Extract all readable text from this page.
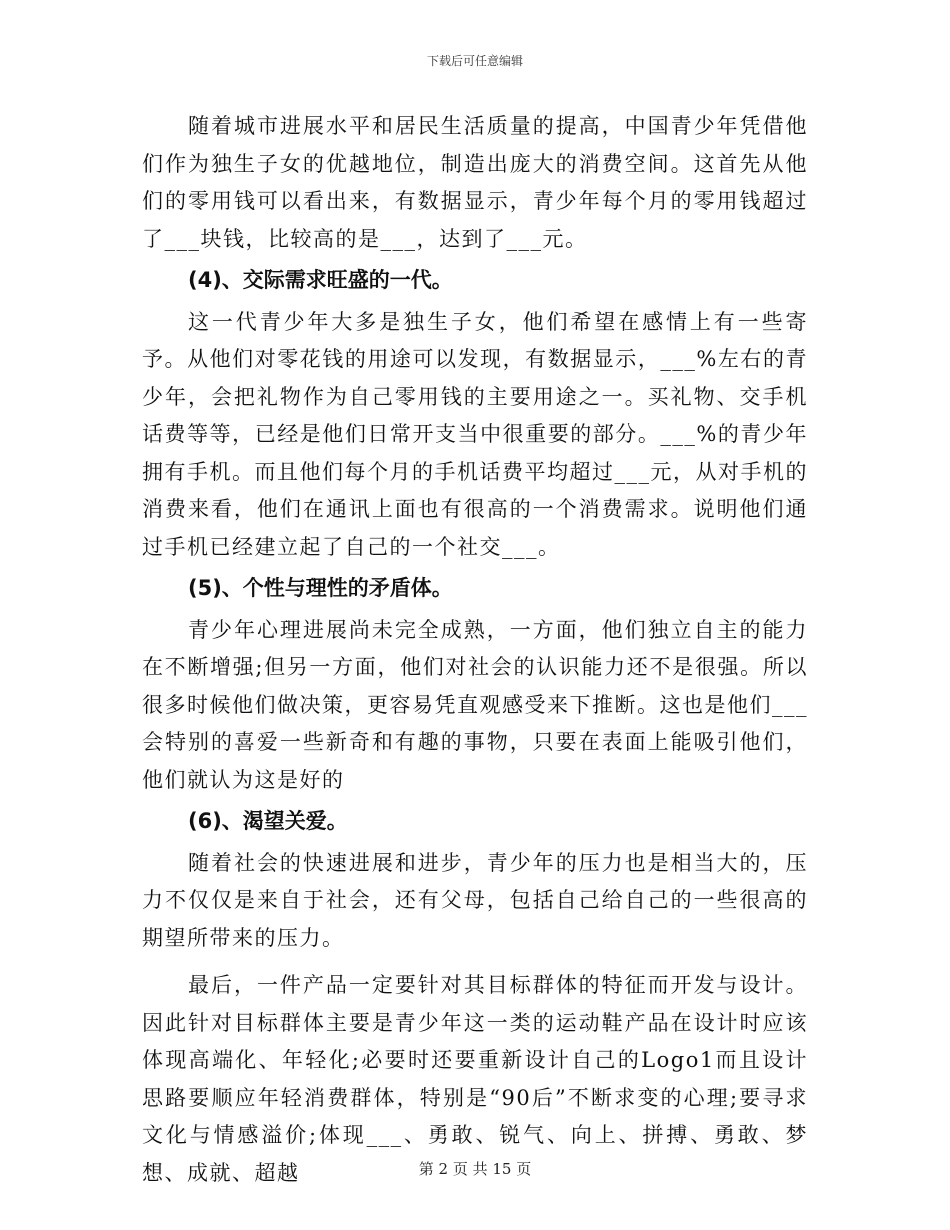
下载后可任意编辑

随着城市进展水平和居民生活质量的提高，中国青少年凭借他们作为独生子女的优越地位，制造出庞大的消费空间。这首先从他们的零用钱可以看出来，有数据显示，青少年每个月的零用钱超过了___块钱，比较高的是___，达到了___元。

(4)、交际需求旺盛的一代。

这一代青少年大多是独生子女，他们希望在感情上有一些寄予。从他们对零花钱的用途可以发现，有数据显示，___%左右的青少年，会把礼物作为自己零用钱的主要用途之一。买礼物、交手机话费等等，已经是他们日常开支当中很重要的部分。___%的青少年拥有手机。而且他们每个月的手机话费平均超过___元，从对手机的消费来看，他们在通讯上面也有很高的一个消费需求。说明他们通过手机已经建立起了自己的一个社交___。

(5)、个性与理性的矛盾体。

青少年心理进展尚未完全成熟，一方面，他们独立自主的能力在不断增强;但另一方面，他们对社会的认识能力还不是很强。所以很多时候他们做决策，更容易凭直观感受来下推断。这也是他们___会特别的喜爱一些新奇和有趣的事物，只要在表面上能吸引他们，他们就认为这是好的

(6)、渴望关爱。

随着社会的快速进展和进步，青少年的压力也是相当大的，压力不仅仅是来自于社会，还有父母，包括自己给自己的一些很高的期望所带来的压力。

最后，一件产品一定要针对其目标群体的特征而开发与设计。因此针对目标群体主要是青少年这一类的运动鞋产品在设计时应该体现高端化、年轻化;必要时还要重新设计自己的Logo1而且设计思路要顺应年轻消费群体，特别是“90后”不断求变的心理;要寻求文化与情感溢价;体现___、勇敢、锐气、向上、拼搏、勇敢、梦想、成就、超越	第 2 页 共 15 页
